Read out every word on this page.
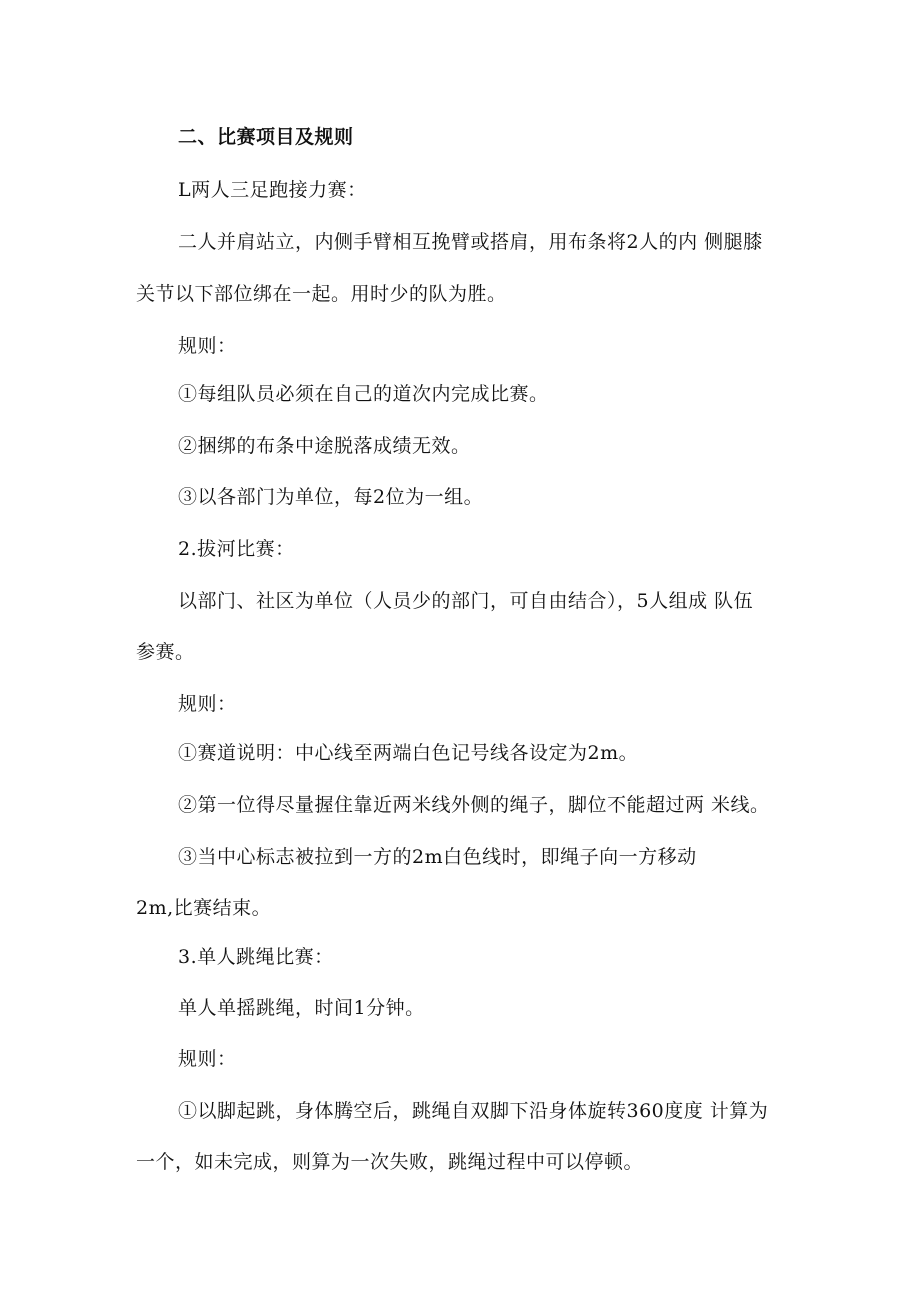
二、比赛项目及规则
L两人三足跑接力赛：
二人并肩站立，内侧手臂相互挽臂或搭肩，用布条将2人的内 侧腿膝
关节以下部位绑在一起。用时少的队为胜。
规则：
①每组队员必须在自己的道次内完成比赛。
②捆绑的布条中途脱落成绩无效。
③以各部门为单位，每2位为一组。
2.拔河比赛：
以部门、社区为单位（人员少的部门，可自由结合），5人组成 队伍
参赛。
规则：
①赛道说明：中心线至两端白色记号线各设定为2m。
②第一位得尽量握住靠近两米线外侧的绳子，脚位不能超过两 米线。
③当中心标志被拉到一方的2m白色线时，即绳子向一方移动
2m,比赛结束。
3.单人跳绳比赛：
单人单摇跳绳，时间1分钟。
规则：
①以脚起跳，身体腾空后，跳绳自双脚下沿身体旋转360度度 计算为
一个，如未完成，则算为一次失败，跳绳过程中可以停顿。
